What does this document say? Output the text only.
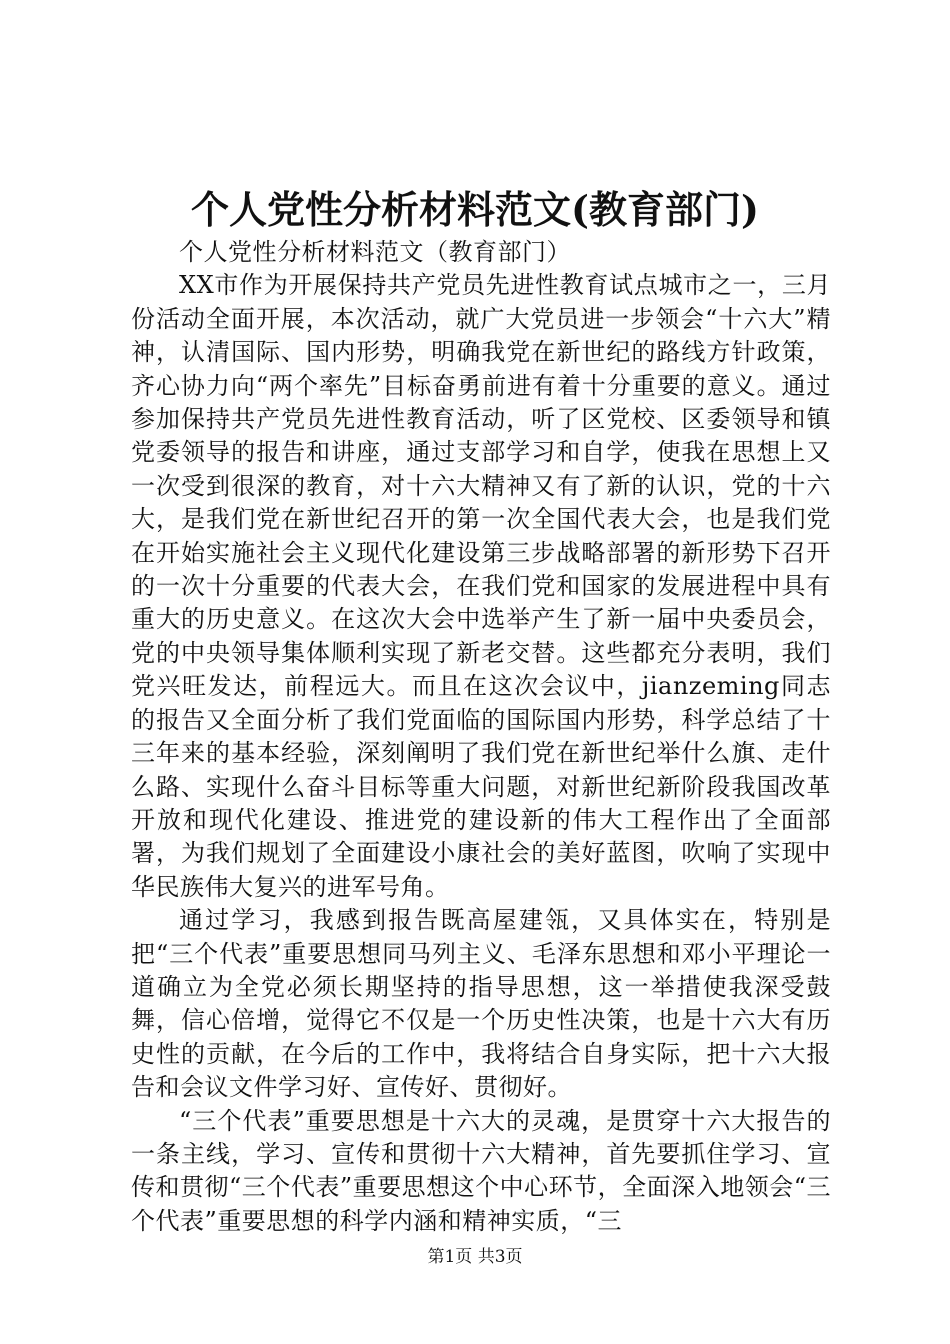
个人党性分析材料范文(教育部门)

个人党性分析材料范文（教育部门）

XX市作为开展保持共产党员先进性教育试点城市之一，三月份活动全面开展，本次活动，就广大党员进一步领会“十六大”精神，认清国际、国内形势，明确我党在新世纪的路线方针政策，齐心协力向“两个率先”目标奋勇前进有着十分重要的意义。通过参加保持共产党员先进性教育活动，听了区党校、区委领导和镇党委领导的报告和讲座，通过支部学习和自学，使我在思想上又一次受到很深的教育，对十六大精神又有了新的认识，党的十六大，是我们党在新世纪召开的第一次全国代表大会，也是我们党在开始实施社会主义现代化建设第三步战略部署的新形势下召开的一次十分重要的代表大会，在我们党和国家的发展进程中具有重大的历史意义。在这次大会中选举产生了新一届中央委员会，党的中央领导集体顺利实现了新老交替。这些都充分表明，我们党兴旺发达，前程远大。而且在这次会议中，jianzeming同志的报告又全面分析了我们党面临的国际国内形势，科学总结了十三年来的基本经验，深刻阐明了我们党在新世纪举什么旗、走什么路、实现什么奋斗目标等重大问题，对新世纪新阶段我国改革开放和现代化建设、推进党的建设新的伟大工程作出了全面部署，为我们规划了全面建设小康社会的美好蓝图，吹响了实现中华民族伟大复兴的进军号角。

通过学习，我感到报告既高屋建瓴，又具体实在，特别是把“三个代表”重要思想同马列主义、毛泽东思想和邓小平理论一道确立为全党必须长期坚持的指导思想，这一举措使我深受鼓舞，信心倍增，觉得它不仅是一个历史性决策，也是十六大有历史性的贡献，在今后的工作中，我将结合自身实际，把十六大报告和会议文件学习好、宣传好、贯彻好。

“三个代表”重要思想是十六大的灵魂，是贯穿十六大报告的一条主线，学习、宣传和贯彻十六大精神，首先要抓住学习、宣传和贯彻“三个代表”重要思想这个中心环节，全面深入地领会“三个代表”重要思想的科学内涵和精神实质，“三

第1页 共3页
